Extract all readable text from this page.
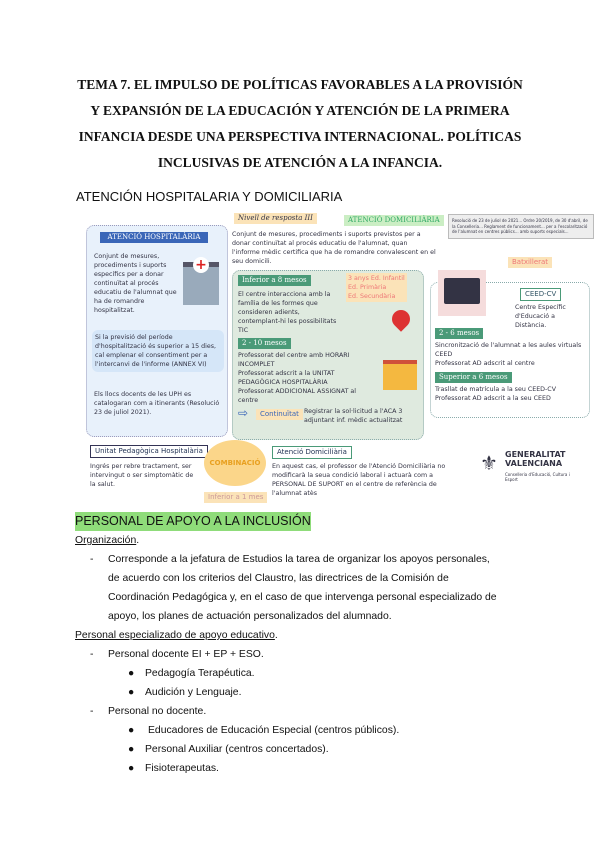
TEMA 7. EL IMPULSO DE POLÍTICAS FAVORABLES A LA PROVISIÓN
Y EXPANSIÓN DE LA EDUCACIÓN Y ATENCIÓN DE LA PRIMERA
INFANCIA DESDE UNA PERSPECTIVA INTERNACIONAL. POLÍTICAS
INCLUSIVAS DE ATENCIÓN A LA INFANCIA.
ATENCIÓN HOSPITALARIA Y DOMICILIARIA
ATENCIÓ HOSPITALÀRIA
Conjunt de mesures, procediments i suports específics per a donar continuïtat al procés educatiu de l'alumnat que ha de romandre hospitalitzat.
+
Si la previsió del període d'hospitalització és superior a 15 dies, cal emplenar el consentiment per a l'intercanvi de l'informe (ANNEX VI)
Els llocs docents de les UPH es catalogaran com a itinerants (Resolució 23 de juliol 2021).
Nivell de resposta III	ATENCIÓ DOMICILIÀRIA
Conjunt de mesures, procediments i suports previstos per a donar continuïtat al procés educatiu de l'alumnat, quan l'informe mèdic certifica que ha de romandre convalescent en el seu domicili.
Resolució de 23 de juliol de 2021... Ordre 20/2019, de 30 d'abril, de la Conselleria... Reglament de funcionament... per a l'escolarització de l'alumnat en centres públics... amb suports especials...
Inferior a 8 mesos	3 anys Ed. Infantil
Ed. Primària
Ed. Secundària
El centre interacciona amb la família de les formes que consideren adients, contemplant-hi les possibilitats TIC
2 - 10 mesos
Professorat del centre amb HORARI INCOMPLET
Professorat adscrit a la UNITAT PEDAGÒGICA HOSPITALÀRIA
Professorat ADDICIONAL ASSIGNAT al centre
⇨	Continuïtat Registrar la sol·licitud a l'ACA 3 adjuntant inf. mèdic actualitzat
Batxillerat
CEED-CV
Centre Específic d'Educació a Distància.
2 - 6 mesos
Sincronització de l'alumnat a les aules virtuals CEED
Professorat AD adscrit al centre
Superior a 6 mesos
Trasllat de matrícula a la seu CEED-CV
Professorat AD adscrit a la seu CEED
Unitat Pedagògica Hospitalària
Ingrés per rebre tractament, ser intervingut o ser simptomàtic de la salut.
COMBINACIÓ
Inferior a 1 mes
Atenció Domiciliària
En aquest cas, el professor de l'Atenció Domiciliària no modificarà la seua condició laboral i actuarà com a PERSONAL DE SUPORT en el centre de referència de l'alumnat atès
⚜ GENERALITAT VALENCIANA
Conselleria d'Educació, Cultura i Esport
PERSONAL DE APOYO A LA INCLUSIÓN
Organización.
- Corresponde a la jefatura de Estudios la tarea de organizar los apoyos personales,
de acuerdo con los criterios del Claustro, las directrices de la Comisión de
Coordinación Pedagógica y, en el caso de que intervenga personal especializado de
apoyo, los planes de actuación personalizados del alumnado.
Personal especializado de apoyo educativo.
- Personal docente EI + EP + ESO.
● Pedagogía Terapéutica.
● Audición y Lenguaje.
- Personal no docente.
● Educadores de Educación Especial (centros públicos).
● Personal Auxiliar (centros concertados).
● Fisioterapeutas.
